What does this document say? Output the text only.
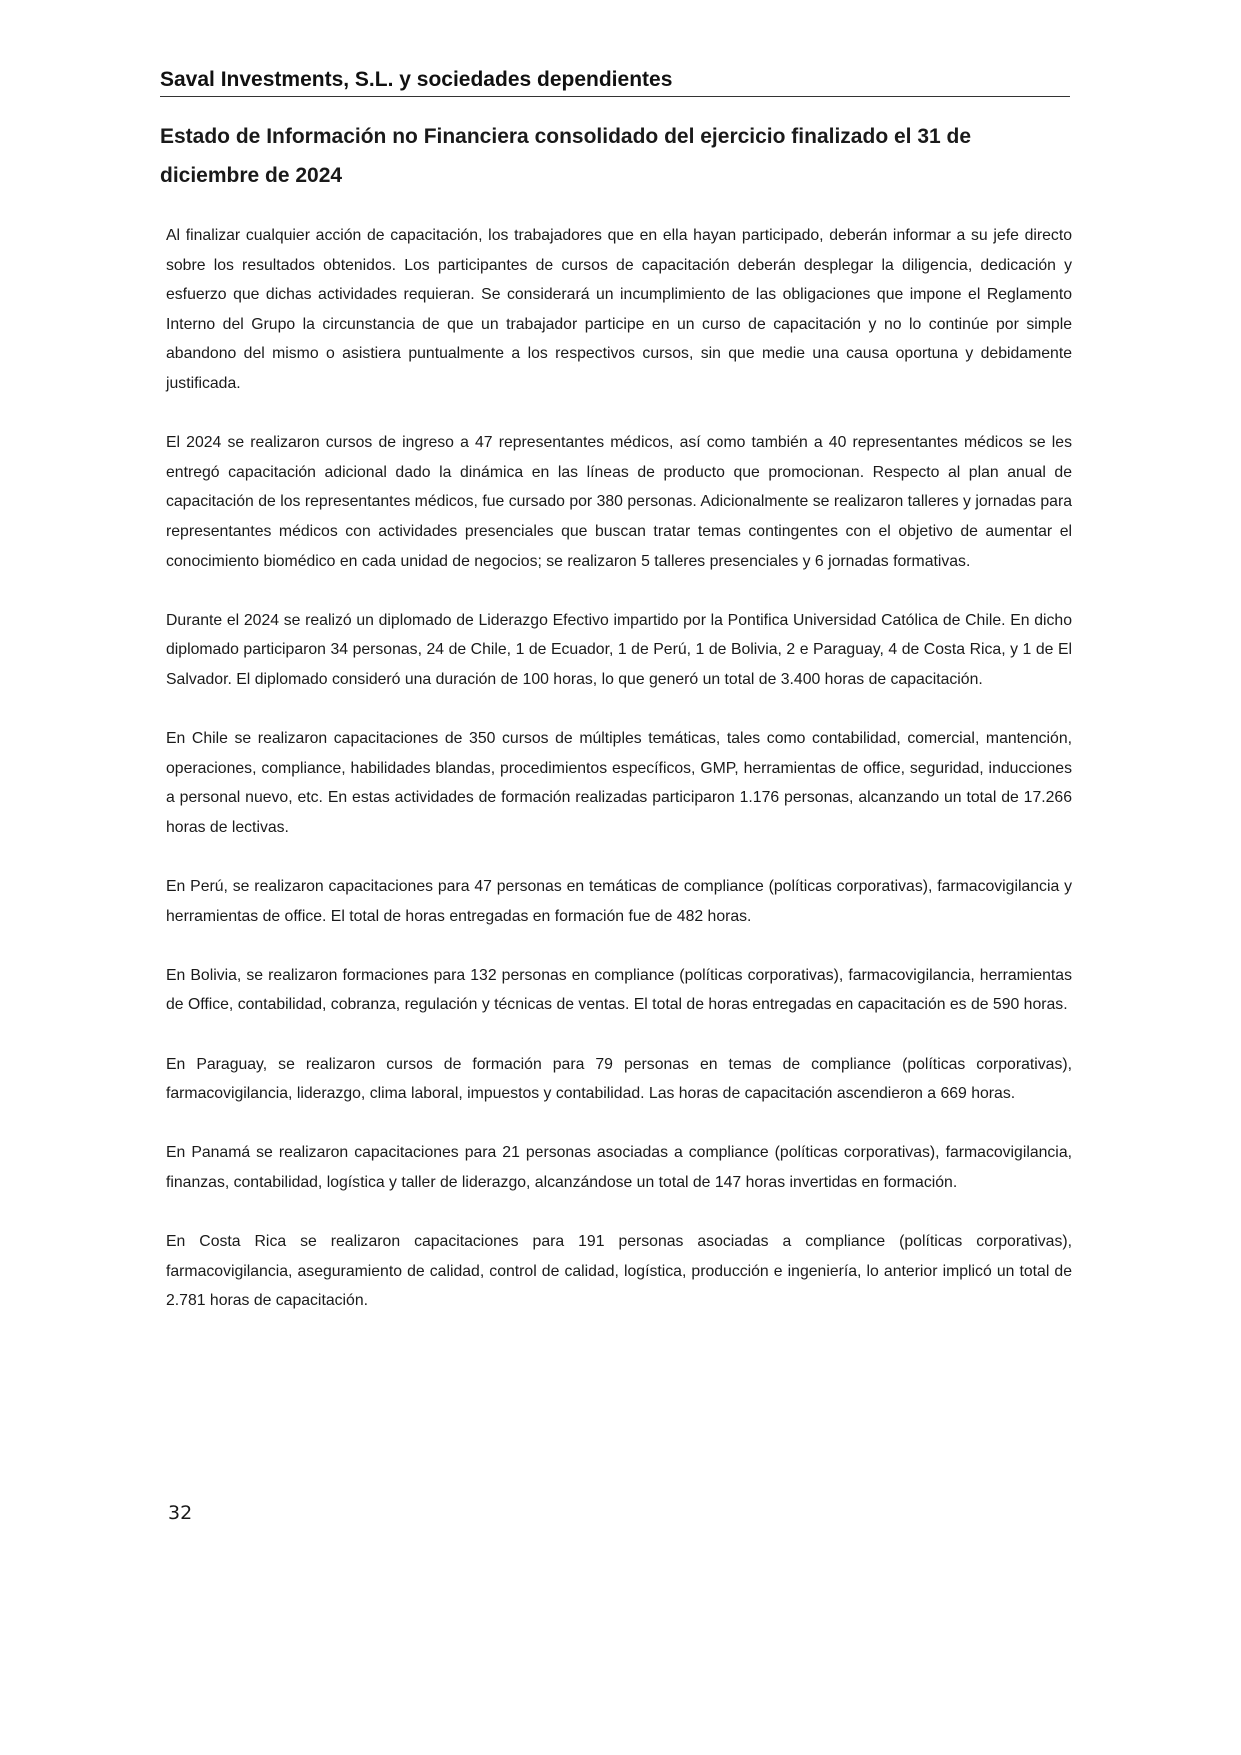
Saval Investments, S.L. y sociedades dependientes
Estado de Información no Financiera consolidado del ejercicio finalizado el 31 de diciembre de 2024

Al finalizar cualquier acción de capacitación, los trabajadores que en ella hayan participado, deberán informar a su jefe directo sobre los resultados obtenidos. Los participantes de cursos de capacitación deberán desplegar la diligencia, dedicación y esfuerzo que dichas actividades requieran. Se considerará un incumplimiento de las obligaciones que impone el Reglamento Interno del Grupo la circunstancia de que un trabajador participe en un curso de capacitación y no lo continúe por simple abandono del mismo o asistiera puntualmente a los respectivos cursos, sin que medie una causa oportuna y debidamente justificada.

El 2024 se realizaron cursos de ingreso a 47 representantes médicos, así como también a 40 representantes médicos se les entregó capacitación adicional dado la dinámica en las líneas de producto que promocionan. Respecto al plan anual de capacitación de los representantes médicos, fue cursado por 380 personas. Adicionalmente se realizaron talleres y jornadas para representantes médicos con actividades presenciales que buscan tratar temas contingentes con el objetivo de aumentar el conocimiento biomédico en cada unidad de negocios; se realizaron 5 talleres presenciales y 6 jornadas formativas.

Durante el 2024 se realizó un diplomado de Liderazgo Efectivo impartido por la Pontifica Universidad Católica de Chile. En dicho diplomado participaron 34 personas, 24 de Chile, 1 de Ecuador, 1 de Perú, 1 de Bolivia, 2 e Paraguay, 4 de Costa Rica, y 1 de El Salvador. El diplomado consideró una duración de 100 horas, lo que generó un total de 3.400 horas de capacitación.

En Chile se realizaron capacitaciones de 350 cursos de múltiples temáticas, tales como contabilidad, comercial, mantención, operaciones, compliance, habilidades blandas, procedimientos específicos, GMP, herramientas de office, seguridad, inducciones a personal nuevo, etc. En estas actividades de formación realizadas participaron 1.176 personas, alcanzando un total de 17.266 horas de lectivas.

En Perú, se realizaron capacitaciones para 47 personas en temáticas de compliance (políticas corporativas), farmacovigilancia y herramientas de office. El total de horas entregadas en formación fue de 482 horas.

En Bolivia, se realizaron formaciones para 132 personas en compliance (políticas corporativas), farmacovigilancia, herramientas de Office, contabilidad, cobranza, regulación y técnicas de ventas. El total de horas entregadas en capacitación es de 590 horas.

En Paraguay, se realizaron cursos de formación para 79 personas en temas de compliance (políticas corporativas), farmacovigilancia, liderazgo, clima laboral, impuestos y contabilidad. Las horas de capacitación ascendieron a 669 horas.

En Panamá se realizaron capacitaciones para 21 personas asociadas a compliance (políticas corporativas), farmacovigilancia, finanzas, contabilidad, logística y taller de liderazgo, alcanzándose un total de 147 horas invertidas en formación.

En Costa Rica se realizaron capacitaciones para 191 personas asociadas a compliance (políticas corporativas), farmacovigilancia, aseguramiento de calidad, control de calidad, logística, producción e ingeniería, lo anterior implicó un total de 2.781 horas de capacitación.

32
